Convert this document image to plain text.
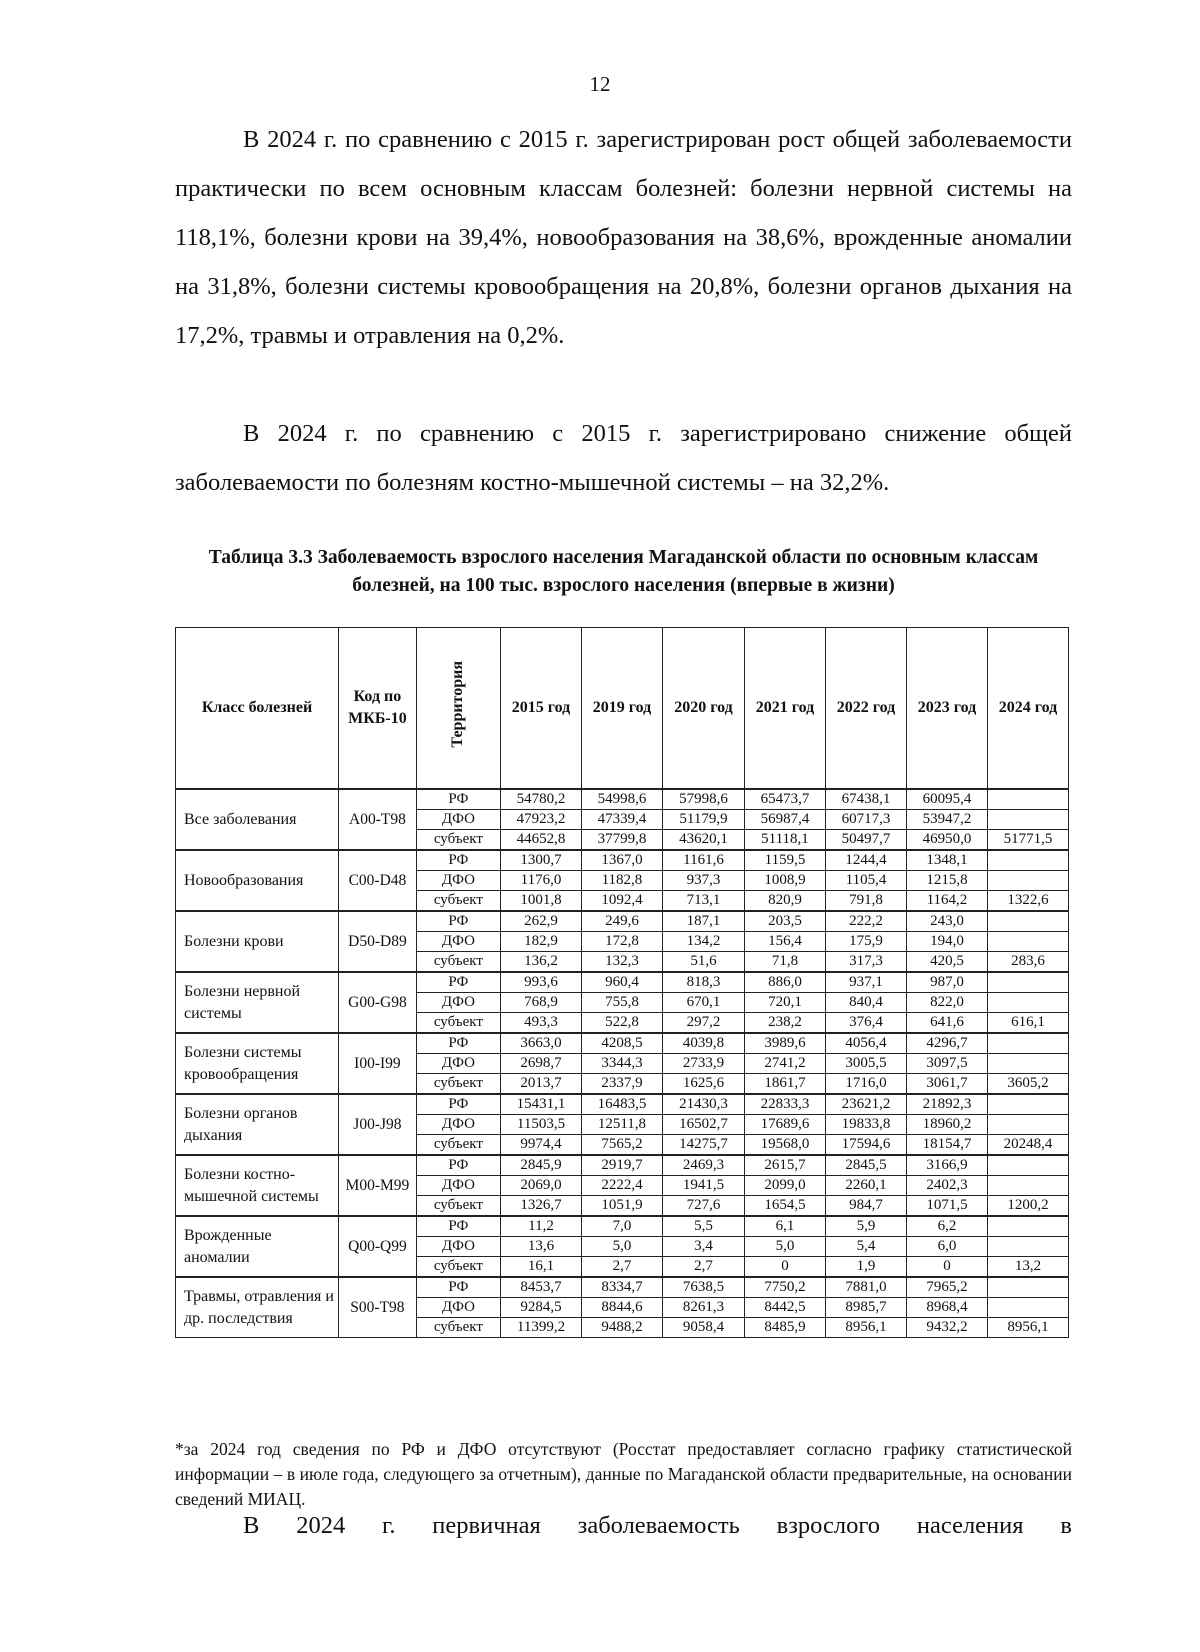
12

В 2024 г. по сравнению с 2015 г. зарегистрирован рост общей заболеваемости практически по всем основным классам болезней: болезни нервной системы на 118,1%, болезни крови на 39,4%, новообразования на 38,6%, врожденные аномалии на 31,8%, болезни системы кровообращения на 20,8%, болезни органов дыхания на 17,2%, травмы и отравления на 0,2%.

В 2024 г. по сравнению с 2015 г. зарегистрировано снижение общей заболеваемости по болезням костно-мышечной системы – на 32,2%.

Таблица 3.3 Заболеваемость взрослого населения Магаданской области по основным классам болезней, на 100 тыс. взрослого населения (впервые в жизни)
Класс болезней	Код по МКБ-10	Территория	2015 год	2019 год	2020 год	2021 год	2022 год	2023 год	2024 год
Все заболевания	А00-Т98	РФ	54780,2	54998,6	57998,6	65473,7	67438,1	60095,4	
		ДФО	47923,2	47339,4	51179,9	56987,4	60717,3	53947,2	
		субъект	44652,8	37799,8	43620,1	51118,1	50497,7	46950,0	51771,5
Новообразования	С00-D48	РФ	1300,7	1367,0	1161,6	1159,5	1244,4	1348,1	
		ДФО	1176,0	1182,8	937,3	1008,9	1105,4	1215,8	
		субъект	1001,8	1092,4	713,1	820,9	791,8	1164,2	1322,6
Болезни крови	D50-D89	РФ	262,9	249,6	187,1	203,5	222,2	243,0	
		ДФО	182,9	172,8	134,2	156,4	175,9	194,0	
		субъект	136,2	132,3	51,6	71,8	317,3	420,5	283,6
Болезни нервной системы	G00-G98	РФ	993,6	960,4	818,3	886,0	937,1	987,0	
		ДФО	768,9	755,8	670,1	720,1	840,4	822,0	
		субъект	493,3	522,8	297,2	238,2	376,4	641,6	616,1
Болезни системы кровообращения	I00-I99	РФ	3663,0	4208,5	4039,8	3989,6	4056,4	4296,7	
		ДФО	2698,7	3344,3	2733,9	2741,2	3005,5	3097,5	
		субъект	2013,7	2337,9	1625,6	1861,7	1716,0	3061,7	3605,2
Болезни органов дыхания	J00-J98	РФ	15431,1	16483,5	21430,3	22833,3	23621,2	21892,3	
		ДФО	11503,5	12511,8	16502,7	17689,6	19833,8	18960,2	
		субъект	9974,4	7565,2	14275,7	19568,0	17594,6	18154,7	20248,4
Болезни костно-мышечной системы	М00-М99	РФ	2845,9	2919,7	2469,3	2615,7	2845,5	3166,9	
		ДФО	2069,0	2222,4	1941,5	2099,0	2260,1	2402,3	
		субъект	1326,7	1051,9	727,6	1654,5	984,7	1071,5	1200,2
Врожденные аномалии	Q00-Q99	РФ	11,2	7,0	5,5	6,1	5,9	6,2	
		ДФО	13,6	5,0	3,4	5,0	5,4	6,0	
		субъект	16,1	2,7	2,7	0	1,9	0	13,2
Травмы, отравления и др. последствия	S00-T98	РФ	8453,7	8334,7	7638,5	7750,2	7881,0	7965,2	
		ДФО	9284,5	8844,6	8261,3	8442,5	8985,7	8968,4	
		субъект	11399,2	9488,2	9058,4	8485,9	8956,1	9432,2	8956,1
*за 2024 год сведения по РФ и ДФО отсутствуют (Росстат предоставляет согласно графику статистической информации – в июле года, следующего за отчетным), данные по Магаданской области предварительные, на основании сведений МИАЦ.
В 2024 г. первичная заболеваемость взрослого населения в
